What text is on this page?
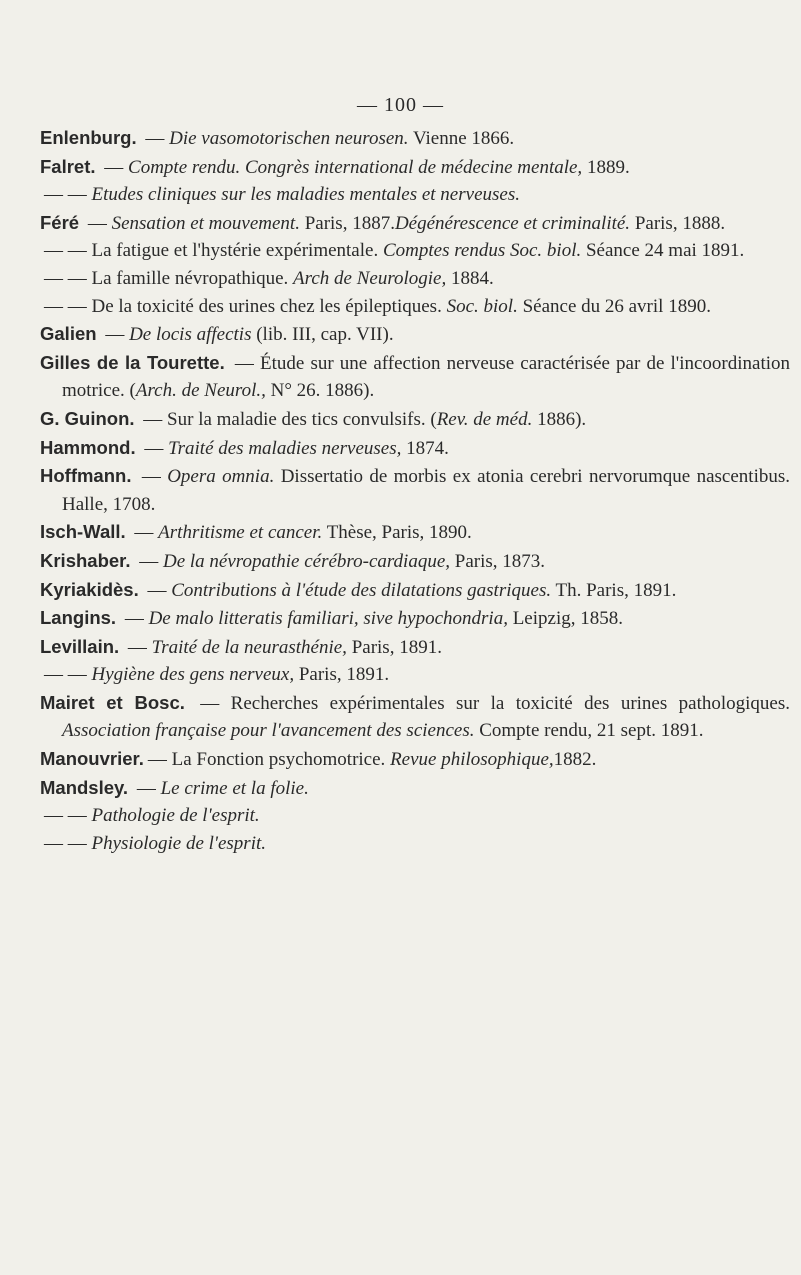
— 100 —

Enlenburg. — Die vasomotorischen neurosen. Vienne 1866.

Falret. — Compte rendu. Congrès international de médecine mentale, 1889.

— — Etudes cliniques sur les maladies mentales et nerveuses.

Féré — Sensation et mouvement. Paris, 1887.Dégénérescence et criminalité. Paris, 1888.

— — La fatigue et l'hystérie expérimentale. Comptes rendus Soc. biol. Séance 24 mai 1891.

— — La famille névropathique. Arch de Neurologie, 1884.

— — De la toxicité des urines chez les épileptiques. Soc. biol. Séance du 26 avril 1890.

Galien — De locis affectis (lib. III, cap. VII).

Gilles de la Tourette. — Étude sur une affection nerveuse caractérisée par de l'incoordination motrice. (Arch. de Neurol., N° 26. 1886).

G. Guinon. — Sur la maladie des tics convulsifs. (Rev. de méd. 1886).

Hammond. — Traité des maladies nerveuses, 1874.

Hoffmann. — Opera omnia. Dissertatio de morbis ex atonia cerebri nervorumque nascentibus. Halle, 1708.

Isch-Wall. — Arthritisme et cancer. Thèse, Paris, 1890.

Krishaber. — De la névropathie cérébro-cardiaque, Paris, 1873.

Kyriakidès. — Contributions à l'étude des dilatations gastriques. Th. Paris, 1891.

Langins. — De malo litteratis familiari, sive hypochondria, Leipzig, 1858.

Levillain. — Traité de la neurasthénie, Paris, 1891.

— — Hygiène des gens nerveux, Paris, 1891.

Mairet et Bosc. — Recherches expérimentales sur la toxicité des urines pathologiques. Association française pour l'avancement des sciences. Compte rendu, 21 sept. 1891.

Manouvrier. — La Fonction psychomotrice. Revue philosophique,1882.

Mandsley. — Le crime et la folie.

— — Pathologie de l'esprit.

— — Physiologie de l'esprit.
